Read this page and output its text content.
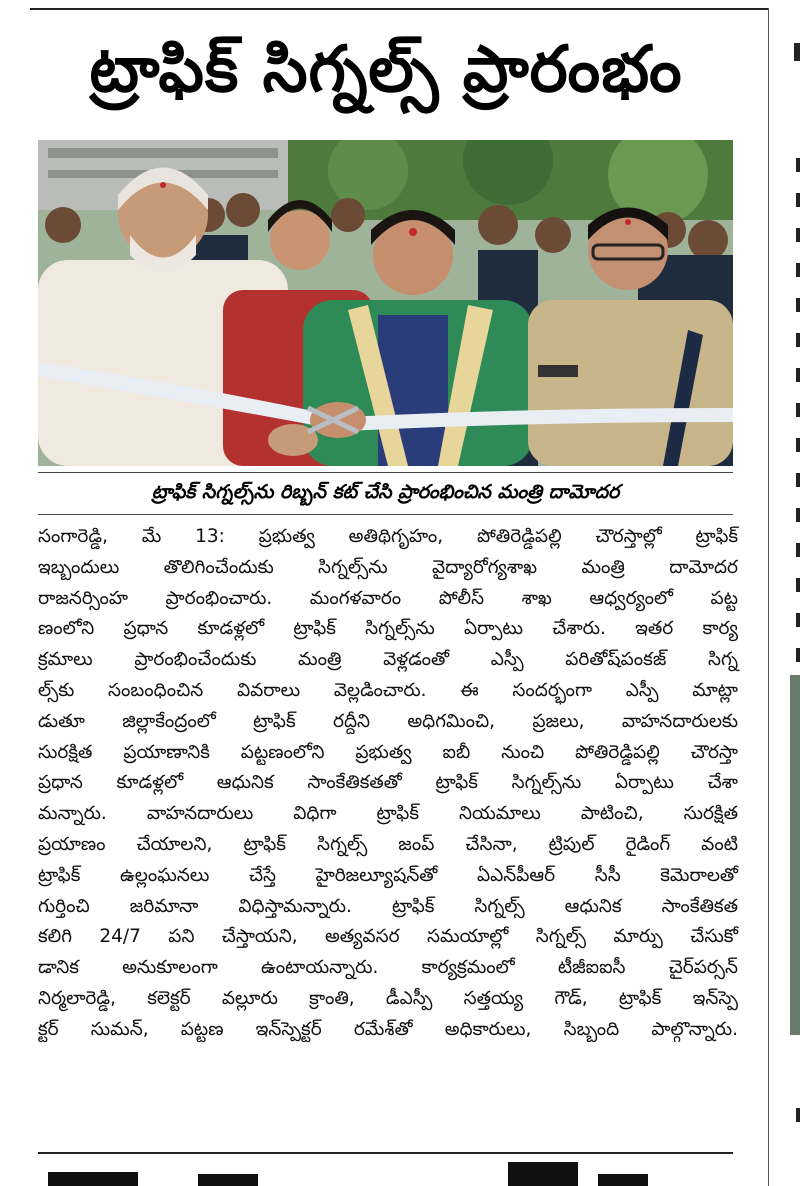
ట్రాఫిక్ సిగ్నల్స్ ప్రారంభం
ట్రాఫిక్ సిగ్నల్స్‌ను రిబ్బన్ కట్ చేసి ప్రారంభించిన మంత్రి దామోదర
సంగారెడ్డి, మే 13: ప్రభుత్వ అతిథిగృహం, పోతిరెడ్డిపల్లి చౌరస్తాల్లో ట్రాఫిక్
ఇబ్బందులు తొలిగించేందుకు సిగ్నల్స్‌ను వైద్యారోగ్యశాఖ మంత్రి దామోదర
రాజనర్సింహ ప్రారంభించారు. మంగళవారం పోలీస్ శాఖ ఆధ్వర్యంలో పట్ట
ణంలోని ప్రధాన కూడళ్లలో ట్రాఫిక్ సిగ్నల్స్‌ను ఏర్పాటు చేశారు. ఇతర కార్య
క్రమాలు ప్రారంభించేందుకు మంత్రి వెళ్లడంతో ఎస్పీ పరితోష్‌పంకజ్ సిగ్న
ల్స్‌కు సంబంధించిన వివరాలు వెల్లడించారు. ఈ సందర్భంగా ఎస్పీ మాట్లా
డుతూ జిల్లాకేంద్రంలో ట్రాఫిక్ రద్దీని అధిగమించి, ప్రజలు, వాహనదారులకు
సురక్షిత ప్రయాణానికి పట్టణంలోని ప్రభుత్వ ఐబీ నుంచి పోతిరెడ్డిపల్లి చౌరస్తా
ప్రధాన కూడళ్లలో ఆధునిక సాంకేతికతతో ట్రాఫిక్ సిగ్నల్స్‌ను ఏర్పాటు చేశా
మన్నారు. వాహనదారులు విధిగా ట్రాఫిక్ నియమాలు పాటించి, సురక్షిత
ప్రయాణం చేయాలని, ట్రాఫిక్ సిగ్నల్స్ జంప్ చేసినా, ట్రిపుల్ రైడింగ్ వంటి
ట్రాఫిక్ ఉల్లంఘనలు చేస్తే హైరిజల్యూషన్‌తో ఏఎన్‌పీఆర్ సీసీ కెమెరాలతో
గుర్తించి జరిమానా విధిస్తామన్నారు. ట్రాఫిక్ సిగ్నల్స్ ఆధునిక సాంకేతికత
కలిగి 24/7 పని చేస్తాయని, అత్యవసర సమయాల్లో సిగ్నల్స్ మార్పు చేసుకో
డానిక అనుకూలంగా ఉంటాయన్నారు. కార్యక్రమంలో టీజీఐఐసీ చైర్‌పర్సన్
నిర్మలారెడ్డి, కలెక్టర్ వల్లూరు క్రాంతి, డీఎస్పీ సత్తయ్య గౌడ్, ట్రాఫిక్ ఇన్‌స్పె
క్టర్ సుమన్, పట్టణ ఇన్‌స్పెక్టర్ రమేశ్‌తో అధికారులు, సిబ్బంది పాల్గొన్నారు.
